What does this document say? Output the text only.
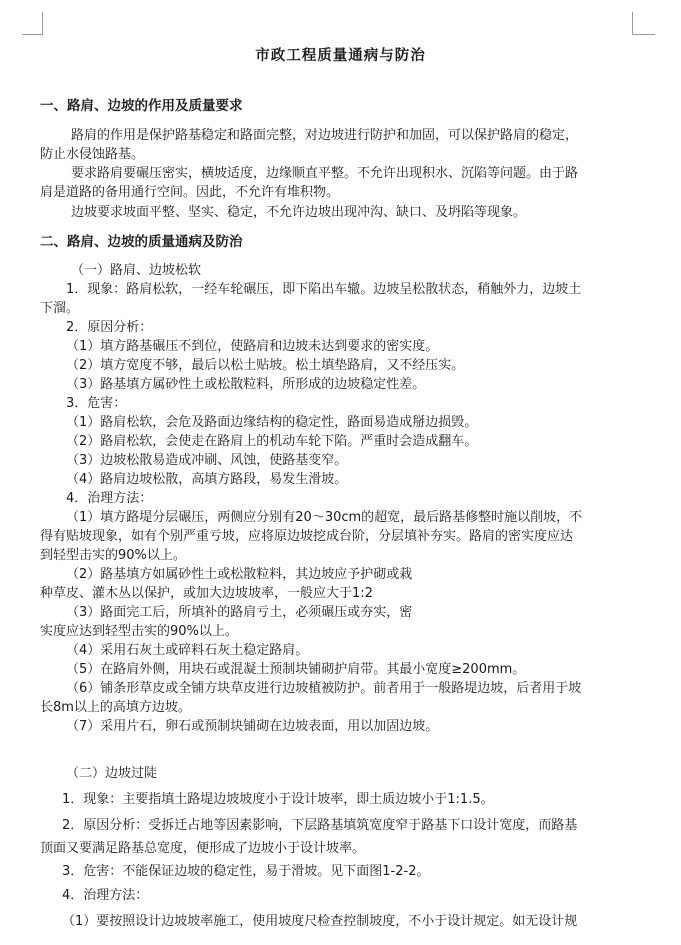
市政工程质量通病与防治
一、路肩、边坡的作用及质量要求
路肩的作用是保护路基稳定和路面完整，对边坡进行防护和加固，可以保护路肩的稳定，
防止水侵蚀路基。
要求路肩要碾压密实，横坡适度，边缘顺直平整。不允许出现积水、沉陷等问题。由于路
肩是道路的备用通行空间。因此，不允许有堆积物。
边坡要求坡面平整、坚实、稳定，不允许边坡出现冲沟、缺口、及坍陷等现象。
二、路肩、边坡的质量通病及防治
（一）路肩、边坡松软
1．现象：路肩松软，一经车轮碾压，即下陷出车辙。边坡呈松散状态，稍触外力，边坡土
下溜。
2．原因分析：
（1）填方路基碾压不到位，使路肩和边坡未达到要求的密实度。
（2）填方宽度不够，最后以松土贴坡。松土填垫路肩，又不经压实。
（3）路基填方属砂性土或松散粒料，所形成的边坡稳定性差。
3．危害：
（1）路肩松软，会危及路面边缘结构的稳定性，路面易造成掰边损毁。
（2）路肩松软，会使走在路肩上的机动车轮下陷。严重时会造成翻车。
（3）边坡松散易造成冲刷、风蚀，使路基变窄。
（4）路肩边坡松散，高填方路段，易发生滑坡。
4．治理方法：
（1）填方路堤分层碾压，两侧应分别有20～30cm的超宽，最后路基修整时施以削坡，不
得有贴坡现象，如有个别严重亏坡，应将原边坡挖成台阶，分层填补夯实。路肩的密实度应达
到轻型击实的90%以上。
（2）路基填方如属砂性土或松散粒料，其边坡应予护砌或栽
种草皮、灌木丛以保护，或加大边坡坡率，一般应大于1:2
（3）路面完工后，所填补的路肩亏土，必须碾压或夯实，密
实度应达到轻型击实的90%以上。
（4）采用石灰土或碎料石灰土稳定路肩。
（5）在路肩外侧，用块石或混凝土预制块铺砌护肩带。其最小宽度≥200mm。
（6）铺条形草皮或全铺方块草皮进行边坡植被防护。前者用于一般路堤边坡，后者用于坡
长8m以上的高填方边坡。
（7）采用片石，卵石或预制块铺砌在边坡表面，用以加固边坡。
（二）边坡过陡
1．现象：主要指填土路堤边坡坡度小于设计坡率，即土质边坡小于1:1.5。
2．原因分析：受拆迁占地等因素影响，下层路基填筑宽度窄于路基下口设计宽度，而路基
顶面又要满足路基总宽度，便形成了边坡小于设计坡率。
3．危害：不能保证边坡的稳定性，易于滑坡。见下面图1-2-2。
4．治理方法：
（1）要按照设计边坡坡率施工，使用坡度尺检查控制坡度，不小于设计规定。如无设计规
